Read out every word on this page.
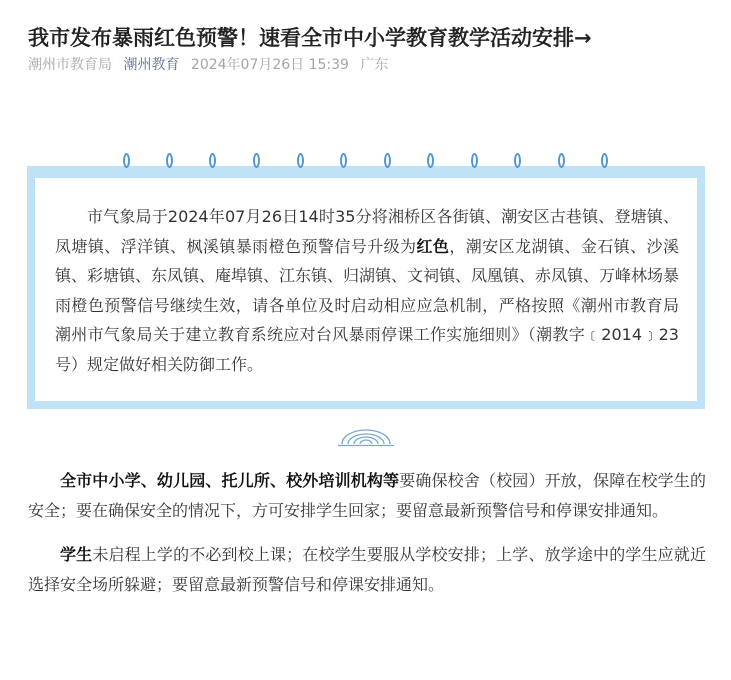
我市发布暴雨红色预警！速看全市中小学教育教学活动安排→
潮州市教育局 潮州教育 2024年07月26日 15:39 广东

市气象局于2024年07月26日14时35分将湘桥区各街镇、潮安区古巷镇、登塘镇、凤塘镇、浮洋镇、枫溪镇暴雨橙色预警信号升级为红色，潮安区龙湖镇、金石镇、沙溪镇、彩塘镇、东凤镇、庵埠镇、江东镇、归湖镇、文祠镇、凤凰镇、赤凤镇、万峰林场暴雨橙色预警信号继续生效，请各单位及时启动相应应急机制，严格按照《潮州市教育局 潮州市气象局关于建立教育系统应对台风暴雨停课工作实施细则》（潮教字﹝2014﹞23号）规定做好相关防御工作。

全市中小学、幼儿园、托儿所、校外培训机构等要确保校舍（校园）开放，保障在校学生的安全；要在确保安全的情况下，方可安排学生回家；要留意最新预警信号和停课安排通知。

学生未启程上学的不必到校上课；在校学生要服从学校安排；上学、放学途中的学生应就近选择安全场所躲避；要留意最新预警信号和停课安排通知。
